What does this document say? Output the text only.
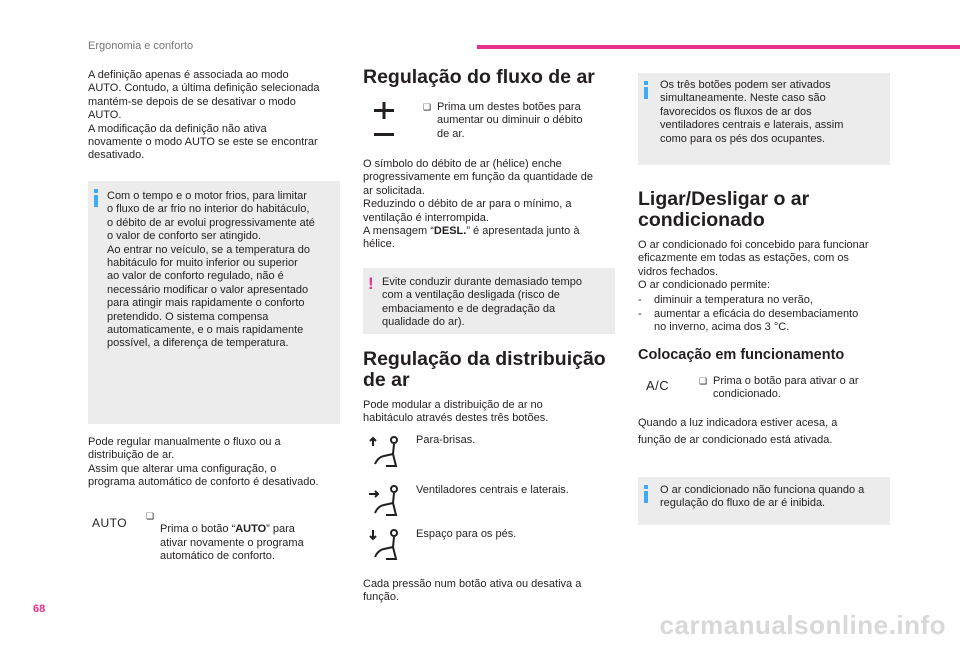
Ergonomia e conforto

A definição apenas é associada ao modo
AUTO. Contudo, a última definição selecionada
mantém-se depois de se desativar o modo
AUTO.
A modificação da definição não ativa
novamente o modo AUTO se este se encontrar
desativado.

Com o tempo e o motor frios, para limitar
o fluxo de ar frio no interior do habitáculo,
o débito de ar evolui progressivamente até
o valor de conforto ser atingido.
Ao entrar no veículo, se a temperatura do
habitáculo for muito inferior ou superior
ao valor de conforto regulado, não é
necessário modificar o valor apresentado
para atingir mais rapidamente o conforto
pretendido. O sistema compensa
automaticamente, e o mais rapidamente
possível, a diferença de temperatura.

Pode regular manualmente o fluxo ou a
distribuição de ar.
Assim que alterar uma configuração, o
programa automático de conforto é desativado.

AUTO ❑

Prima o botão “AUTO” para
ativar novamente o programa
automático de conforto.

Regulação do fluxo de ar
❑ Prima um destes botões para
aumentar ou diminuir o débito
de ar.

O símbolo do débito de ar (hélice) enche
progressivamente em função da quantidade de
ar solicitada.
Reduzindo o débito de ar para o mínimo, a
ventilação é interrompida.
A mensagem “DESL.” é apresentada junto à
hélice.

! Evite conduzir durante demasiado tempo
com a ventilação desligada (risco de
embaciamento e de degradação da
qualidade do ar).

Regulação da distribuição
de ar

Pode modular a distribuição de ar no
habitáculo através destes três botões.

Para-brisas.
Ventiladores centrais e laterais.
Espaço para os pés.

Cada pressão num botão ativa ou desativa a
função.

Os três botões podem ser ativados
simultaneamente. Neste caso são
favorecidos os fluxos de ar dos
ventiladores centrais e laterais, assim
como para os pés dos ocupantes.

Ligar/Desligar o ar
condicionado

O ar condicionado foi concebido para funcionar
eficazmente em todas as estações, com os
vidros fechados.
O ar condicionado permite:

-	diminuir a temperatura no verão,
-	aumentar a eficácia do desembaciamento
no inverno, acima dos 3 °C.
Colocação em funcionamento
A/C	❑ Prima o botão para ativar o ar
condicionado.

Quando a luz indicadora estiver acesa, a
função de ar condicionado está ativada.

O ar condicionado não funciona quando a
regulação do fluxo de ar é inibida.

68
carmanualsonline.info
